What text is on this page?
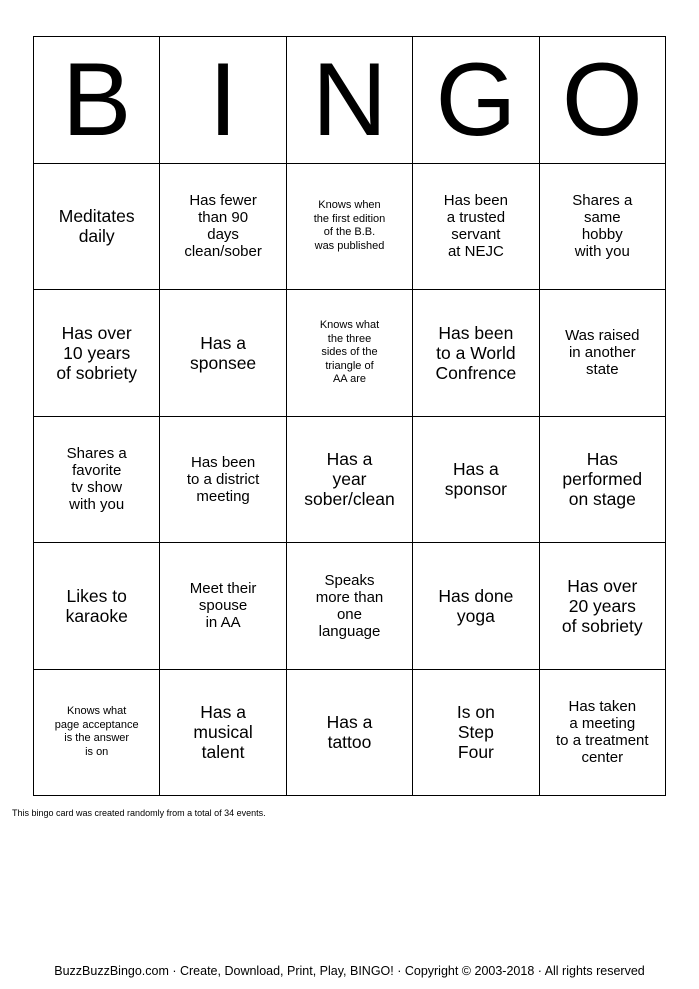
B I N G O
Meditates
daily
Has fewer
than 90
days
clean/sober
Knows when
the first edition
of the B.B.
was published
Has been
a trusted
servant
at NEJC
Shares a
same
hobby
with you
Has over
10 years
of sobriety
Has a
sponsee
Knows what
the three
sides of the
triangle of
AA are
Has been
to a World
Confrence
Was raised
in another
state
Shares a
favorite
tv show
with you
Has been
to a district
meeting
Has a
year
sober/clean
Has a
sponsor
Has
performed
on stage
Likes to
karaoke
Meet their
spouse
in AA
Speaks
more than
one
language
Has done
yoga
Has over
20 years
of sobriety
Knows what
page acceptance
is the answer
is on
Has a
musical
talent
Has a
tattoo
Is on
Step
Four
Has taken
a meeting
to a treatment
center
This bingo card was created randomly from a total of 34 events.
BuzzBuzzBingo.com · Create, Download, Print, Play, BINGO! · Copyright © 2003-2018 · All rights reserved
